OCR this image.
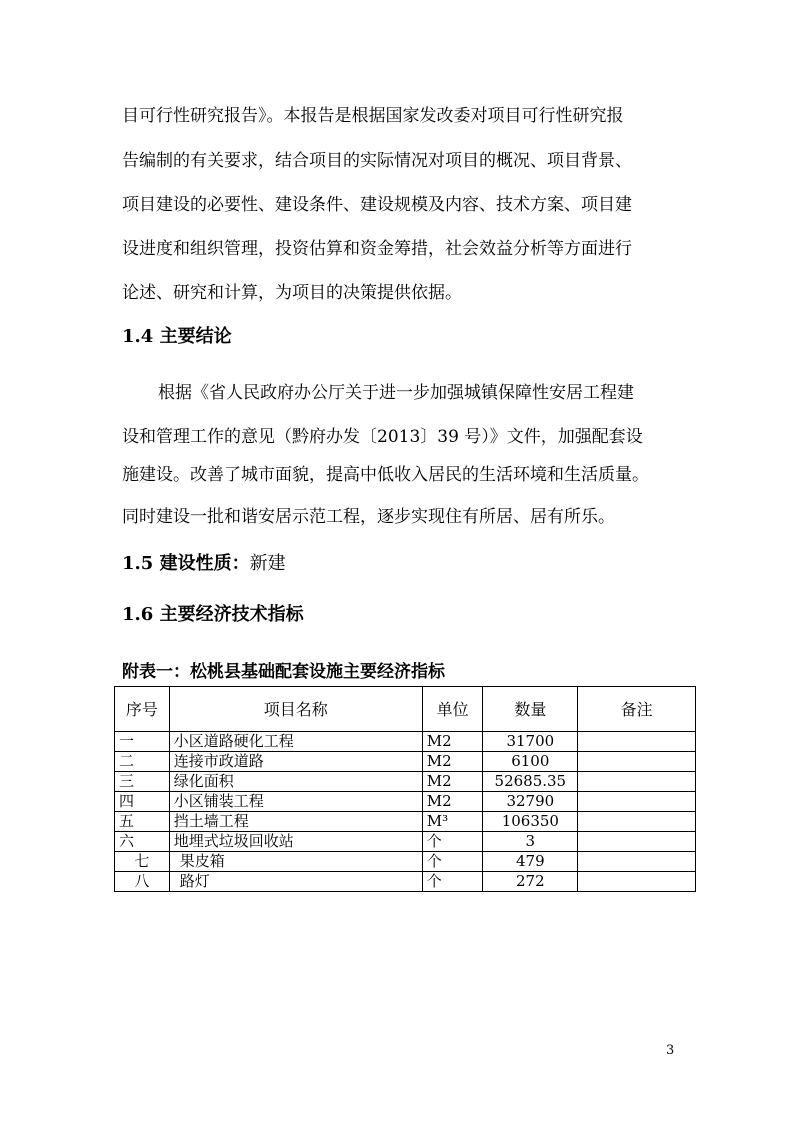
目可行性研究报告》。本报告是根据国家发改委对项目可行性研究报
告编制的有关要求，结合项目的实际情况对项目的概况、项目背景、
项目建设的必要性、建设条件、建设规模及内容、技术方案、项目建
设进度和组织管理，投资估算和资金筹措，社会效益分析等方面进行
论述、研究和计算，为项目的决策提供依据。
1.4 主要结论
根据《省人民政府办公厅关于进一步加强城镇保障性安居工程建
设和管理工作的意见（黔府办发〔2013〕39 号）》文件，加强配套设
施建设。改善了城市面貌，提高中低收入居民的生活环境和生活质量。
同时建设一批和谐安居示范工程，逐步实现住有所居、居有所乐。
1.5 建设性质：新建
1.6 主要经济技术指标
附表一：松桃县基础配套设施主要经济指标
序号	项目名称	单位	数量	备注
一	小区道路硬化工程	M2	31700	
二	连接市政道路	M2	6100	
三	绿化面积	M2	52685.35	
四	小区铺装工程	M2	32790	
五	挡土墙工程	M³	106350	
六	地埋式垃圾回收站	个	3	
七	果皮箱	个	479	
八	路灯	个	272	
3
